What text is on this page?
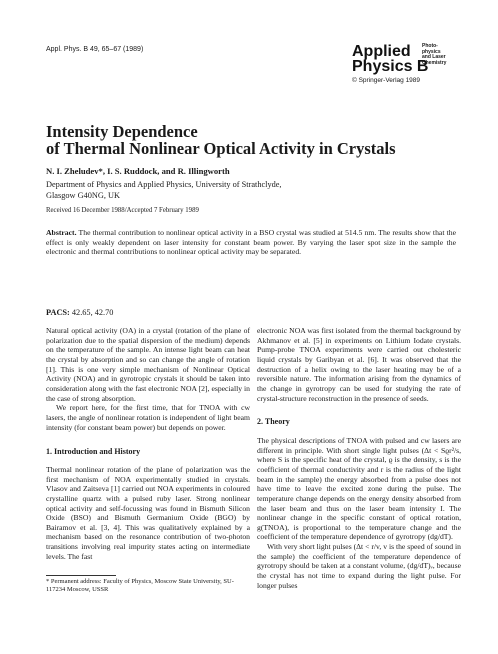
Appl. Phys. B 49, 65–67 (1989)	Applied
Physics B
Photo-
physics
and Laser
Chemistry
© Springer-Verlag 1989
Intensity Dependence
of Thermal Nonlinear Optical Activity in Crystals
N. I. Zheludev*, I. S. Ruddock, and R. Illingworth
Department of Physics and Applied Physics, University of Strathclyde,
Glasgow G40NG, UK
Received 16 December 1988/Accepted 7 February 1989
Abstract. The thermal contribution to nonlinear optical activity in a BSO crystal was studied at 514.5 nm. The results show that the effect is only weakly dependent on laser intensity for constant beam power. By varying the laser spot size in the sample the electronic and thermal contributions to nonlinear optical activity may be separated.
PACS: 42.65, 42.70

Natural optical activity (OA) in a crystal (rotation of the plane of polarization due to the spatial dispersion of the medium) depends on the temperature of the sample. An intense light beam can heat the crystal by absorption and so can change the angle of rotation [1]. This is one very simple mechanism of Nonlinear Optical Activity (NOA) and in gyrotropic crystals it should be taken into consideration along with the fast electronic NOA [2], especially in the case of strong absorption.

We report here, for the first time, that for TNOA with cw lasers, the angle of nonlinear rotation is independent of light beam intensity (for constant beam power) but depends on power.

1. Introduction and History

Thermal nonlinear rotation of the plane of polarization was the first mechanism of NOA experimentally studied in crystals. Vlasov and Zaitseva [1] carried out NOA experiments in coloured crystalline quartz with a pulsed ruby laser. Strong nonlinear optical activity and self-focussing was found in Bismuth Silicon Oxide (BSO) and Bismuth Germanium Oxide (BGO) by Bairamov et al. [3, 4]. This was qualitatively explained by a mechanism based on the resonance contribution of two-photon transitions involving real impurity states acting on intermediate levels. The fast

electronic NOA was first isolated from the thermal background by Akhmanov et al. [5] in experiments on Lithium Iodate crystals. Pump-probe TNOA experiments were carried out cholesteric liquid crystals by Garibyan et al. [6]. It was observed that the destruction of a helix owing to the laser heating may be of a reversible nature. The information arising from the dynamics of the change in gyrotropy can be used for studying the rate of crystal-structure reconstruction in the presence of seeds.

2. Theory

The physical descriptions of TNOA with pulsed and cw lasers are different in principle. With short single light pulses (Δt < Sϱr²/s, where S is the specific heat of the crystal, ϱ is the density, s is the coefficient of thermal conductivity and r is the radius of the light beam in the sample) the energy absorbed from a pulse does not have time to leave the excited zone during the pulse. The temperature change depends on the energy density absorbed from the laser beam and thus on the laser beam intensity I. The nonlinear change in the specific constant of optical rotation, g(TNOA), is proportional to the temperature change and the coefficient of the temperature dependence of gyrotropy (dg/dT).

With very short light pulses (Δt < r/v, v is the speed of sound in the sample) the coefficient of the temperature dependence of gyrotropy should be taken at a constant volume, (dg/dT)ᵥ, because the crystal has not time to expand during the light pulse. For longer pulses

* Permanent address: Faculty of Physics, Moscow State University, SU-117234 Moscow, USSR
